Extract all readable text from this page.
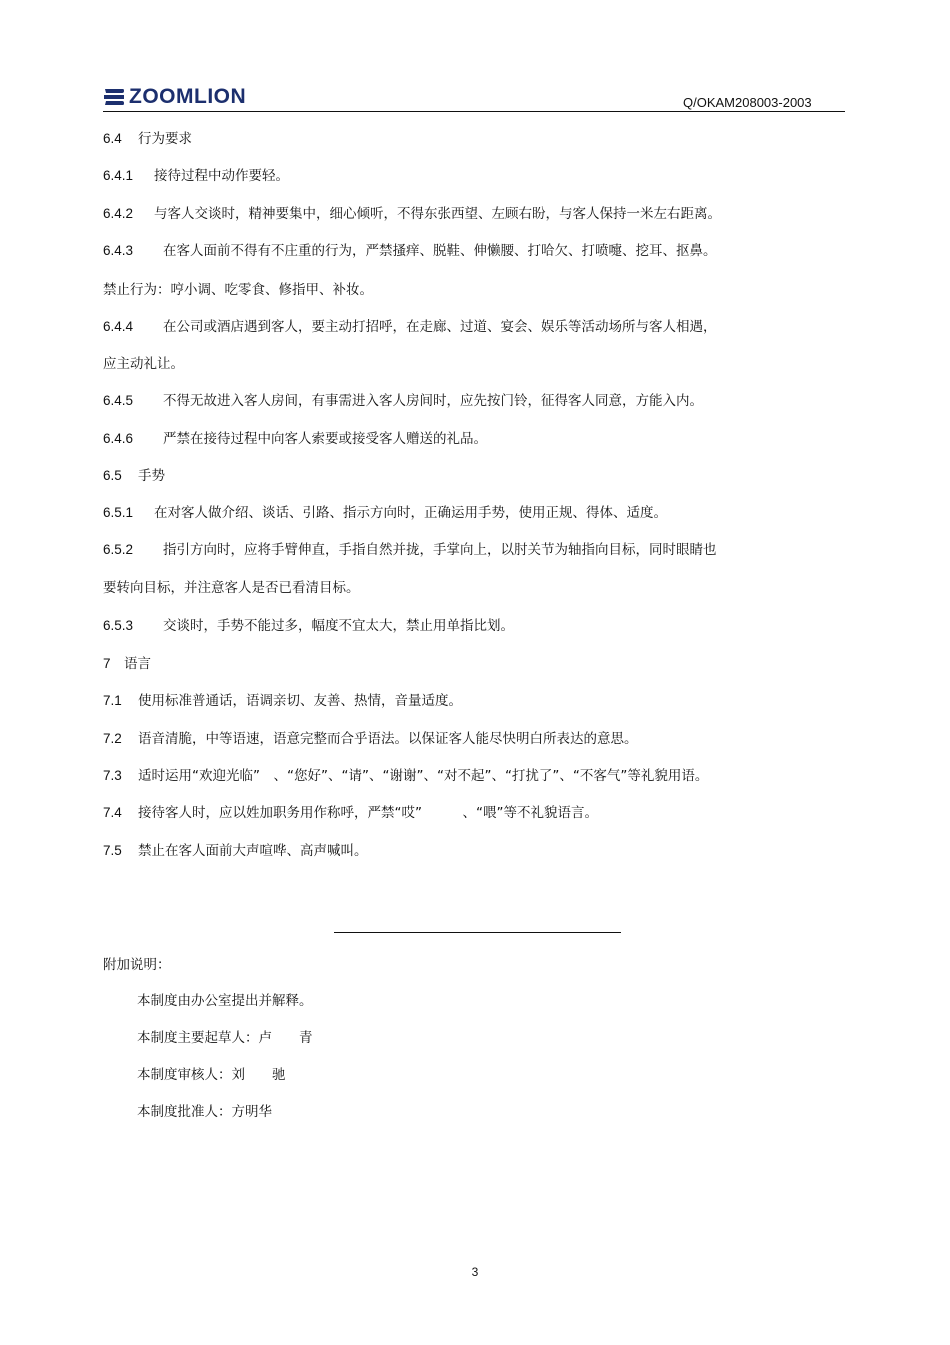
ZOOMLION	Q/OKAM208003-2003
6.4 行为要求
6.4.1 接待过程中动作要轻。
6.4.2 与客人交谈时，精神要集中，细心倾听，不得东张西望、左顾右盼，与客人保持一米左右距离。
6.4.3 在客人面前不得有不庄重的行为，严禁搔痒、脱鞋、伸懒腰、打哈欠、打喷嚏、挖耳、抠鼻。
禁止行为：哼小调、吃零食、修指甲、补妆。
6.4.4 在公司或酒店遇到客人，要主动打招呼，在走廊、过道、宴会、娱乐等活动场所与客人相遇，
应主动礼让。
6.4.5 不得无故进入客人房间，有事需进入客人房间时，应先按门铃，征得客人同意，方能入内。
6.4.6 严禁在接待过程中向客人索要或接受客人赠送的礼品。
6.5 手势
6.5.1 在对客人做介绍、谈话、引路、指示方向时，正确运用手势，使用正规、得体、适度。
6.5.2 指引方向时，应将手臂伸直，手指自然并拢，手掌向上，以肘关节为轴指向目标，同时眼睛也
要转向目标，并注意客人是否已看清目标。
6.5.3 交谈时，手势不能过多，幅度不宜太大，禁止用单指比划。
7 语言
7.1 使用标准普通话，语调亲切、友善、热情，音量适度。
7.2 语音清脆，中等语速，语意完整而合乎语法。以保证客人能尽快明白所表达的意思。
7.3 适时运用“欢迎光临”　、“您好”、“请”、“谢谢”、“对不起”、“打扰了”、“不客气”等礼貌用语。
7.4 接待客人时，应以姓加职务用作称呼，严禁“哎”　　　、“喂”等不礼貌语言。
7.5 禁止在客人面前大声喧哗、高声喊叫。
附加说明：
本制度由办公室提出并解释。
本制度主要起草人：卢　　青
本制度审核人：刘　　驰
本制度批准人：方明华
3
